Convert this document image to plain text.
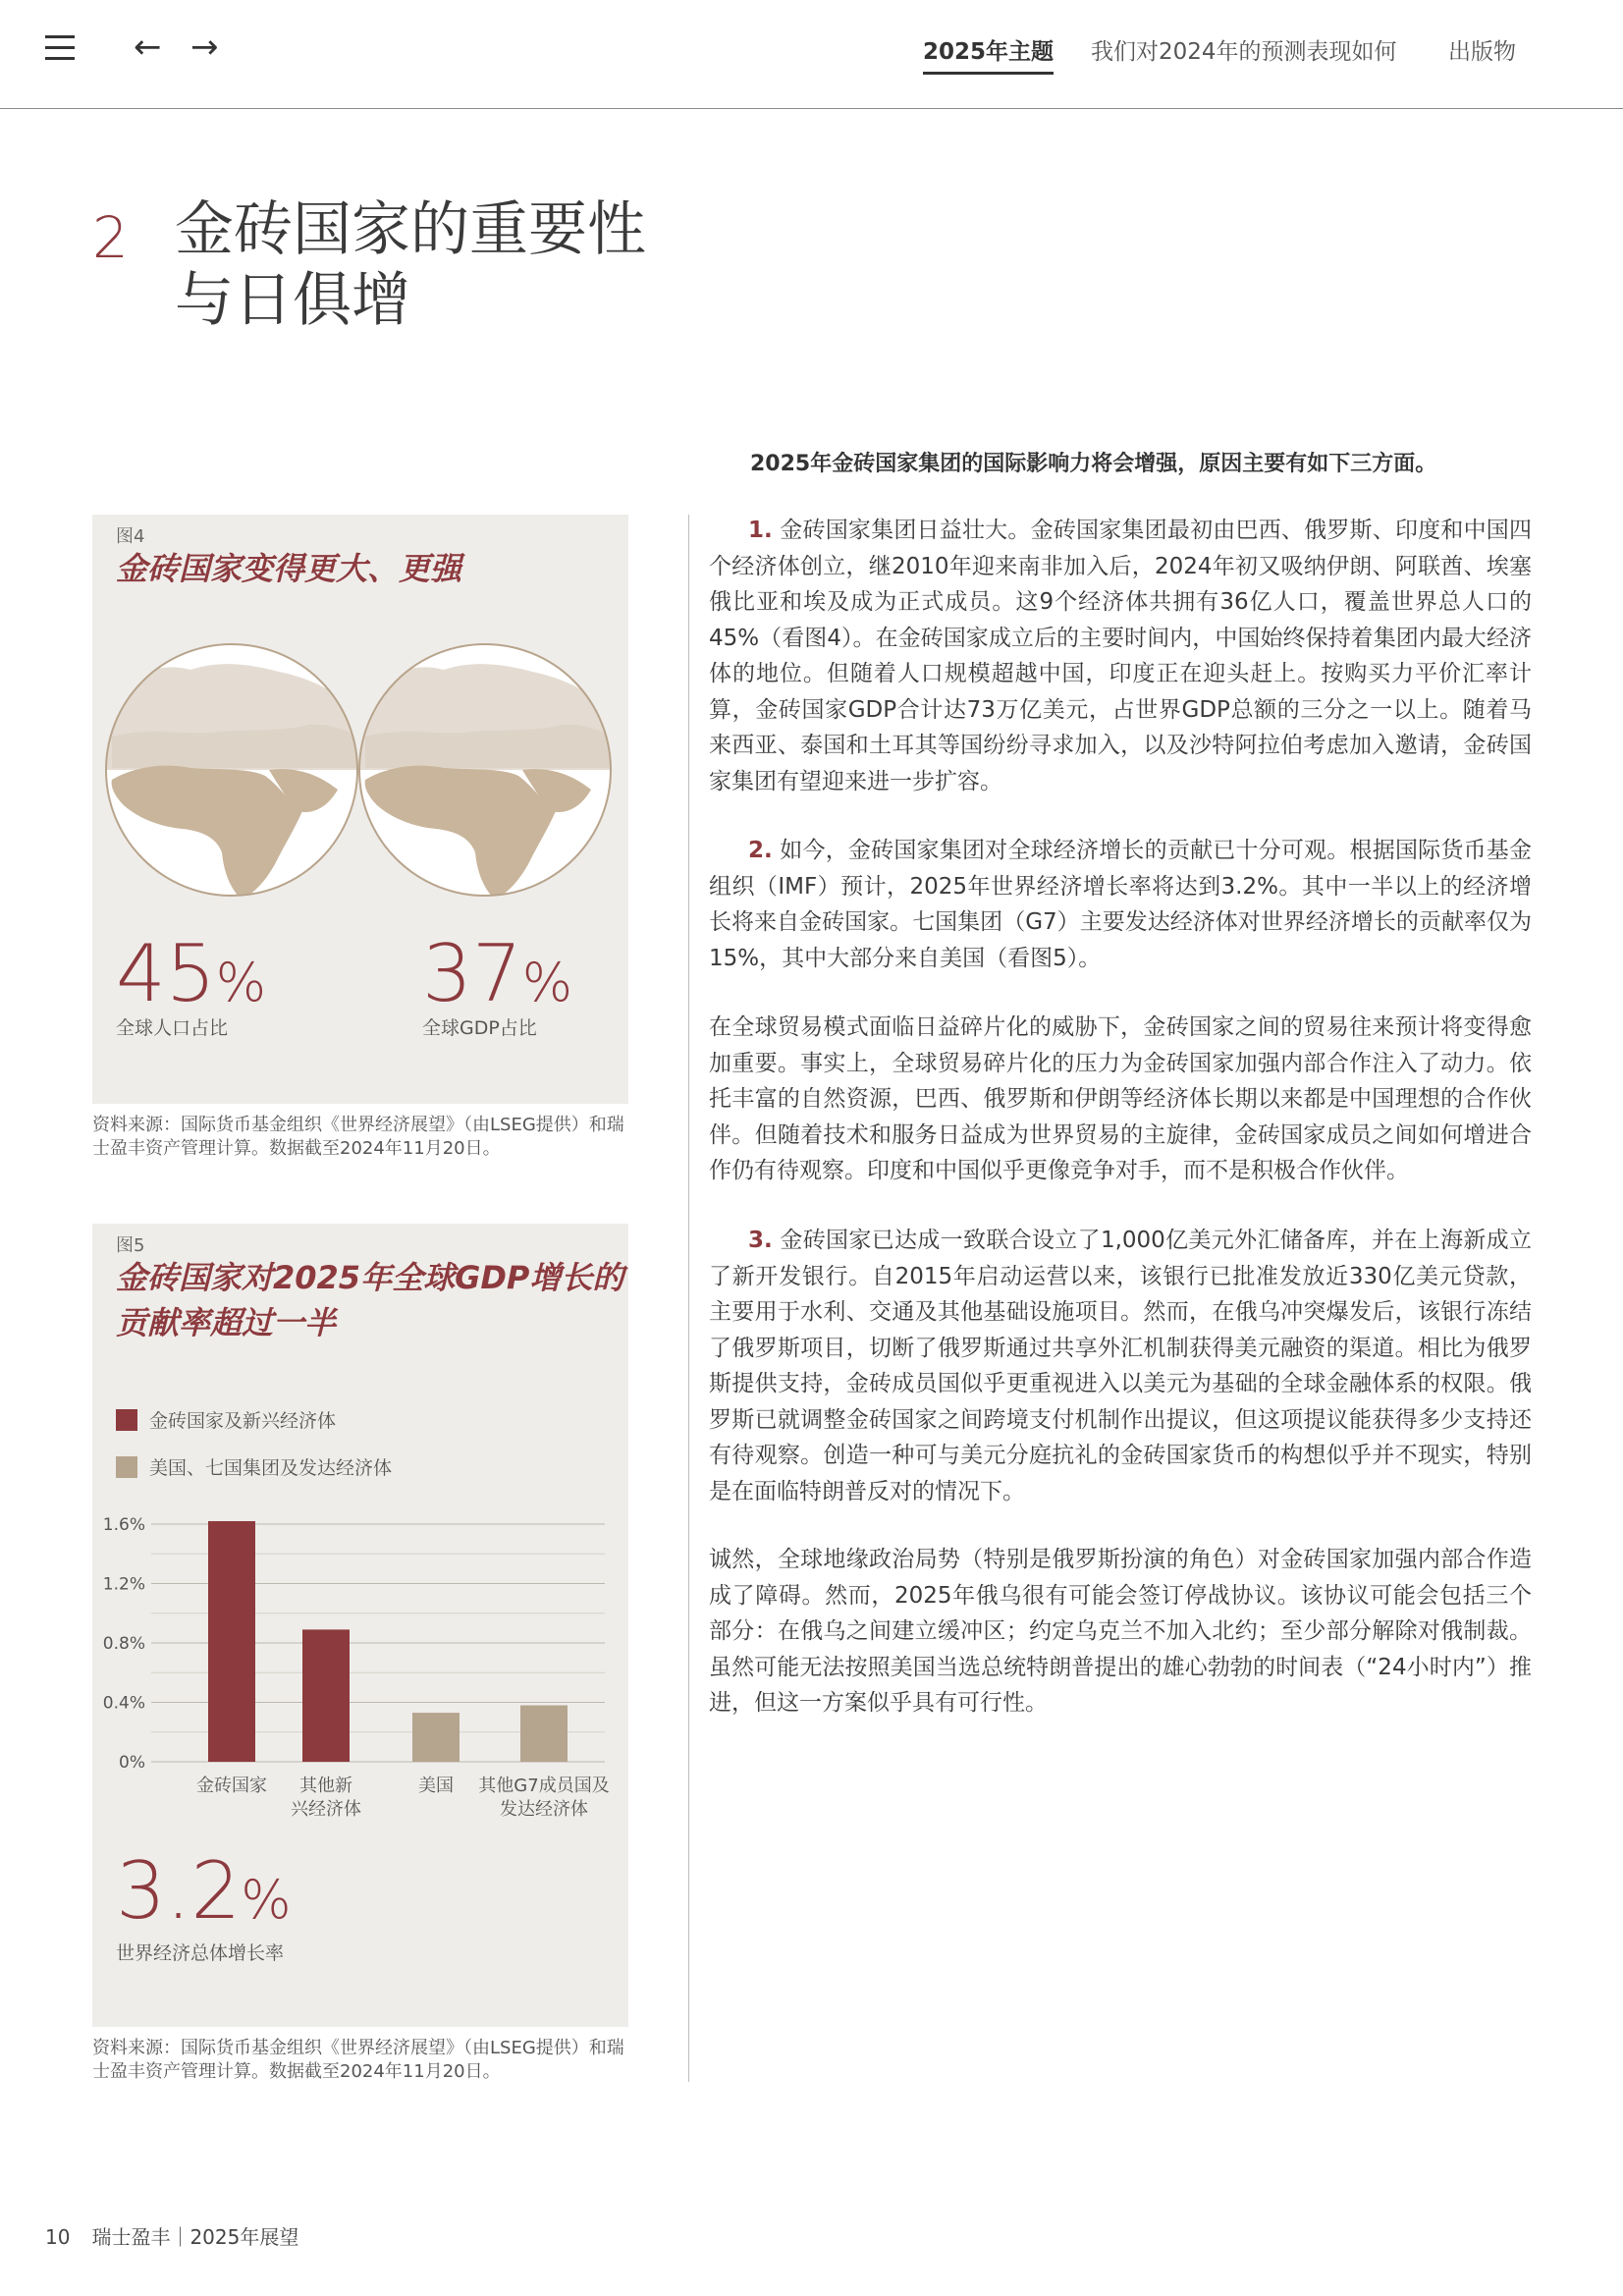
← →	2025年主题 我们对2024年的预测表现如何 出版物
2 金砖国家的重要性
与日俱增
图4
金砖国家变得更大、更强
45%
全球人口占比
37%
全球GDP占比
资料来源：国际货币基金组织《世界经济展望》（由LSEG提供）和瑞
士盈丰资产管理计算。数据截至2024年11月20日。
图5
金砖国家对2025年全球GDP增长的
贡献率超过一半
金砖国家及新兴经济体
美国、七国集团及发达经济体
0%
0.4%
0.8%
1.2%
1.6%
金砖国家 其他新
兴经济体
美国 其他G7成员国及
发达经济体
3.2%
世界经济总体增长率
资料来源：国际货币基金组织《世界经济展望》（由LSEG提供）和瑞
士盈丰资产管理计算。数据截至2024年11月20日。
2025年金砖国家集团的国际影响力将会增强，原因主要有如下三方面。
1. 金砖国家集团日益壮大。金砖国家集团最初由巴西、俄罗斯、印度和中国四个经济体创立，继2010年迎来南非加入后，2024年初又吸纳伊朗、阿联酋、埃塞俄比亚和埃及成为正式成员。这9个经济体共拥有36亿人口，覆盖世界总人口的45%（看图4）。在金砖国家成立后的主要时间内，中国始终保持着集团内最大经济体的地位。但随着人口规模超越中国，印度正在迎头赶上。按购买力平价汇率计算，金砖国家GDP合计达73万亿美元，占世界GDP总额的三分之一以上。随着马来西亚、泰国和土耳其等国纷纷寻求加入，以及沙特阿拉伯考虑加入邀请，金砖国家集团有望迎来进一步扩容。
2. 如今，金砖国家集团对全球经济增长的贡献已十分可观。根据国际货币基金组织（IMF）预计，2025年世界经济增长率将达到3.2%。其中一半以上的经济增长将来自金砖国家。七国集团（G7）主要发达经济体对世界经济增长的贡献率仅为15%，其中大部分来自美国（看图5）。
在全球贸易模式面临日益碎片化的威胁下，金砖国家之间的贸易往来预计将变得愈加重要。事实上，全球贸易碎片化的压力为金砖国家加强内部合作注入了动力。依托丰富的自然资源，巴西、俄罗斯和伊朗等经济体长期以来都是中国理想的合作伙伴。但随着技术和服务日益成为世界贸易的主旋律，金砖国家成员之间如何增进合作仍有待观察。印度和中国似乎更像竞争对手，而不是积极合作伙伴。
3. 金砖国家已达成一致联合设立了1,000亿美元外汇储备库，并在上海新成立了新开发银行。自2015年启动运营以来，该银行已批准发放近330亿美元贷款，主要用于水利、交通及其他基础设施项目。然而，在俄乌冲突爆发后，该银行冻结了俄罗斯项目，切断了俄罗斯通过共享外汇机制获得美元融资的渠道。相比为俄罗斯提供支持，金砖成员国似乎更重视进入以美元为基础的全球金融体系的权限。俄罗斯已就调整金砖国家之间跨境支付机制作出提议，但这项提议能获得多少支持还有待观察。创造一种可与美元分庭抗礼的金砖国家货币的构想似乎并不现实，特别是在面临特朗普反对的情况下。
诚然，全球地缘政治局势（特别是俄罗斯扮演的角色）对金砖国家加强内部合作造成了障碍。然而，2025年俄乌很有可能会签订停战协议。该协议可能会包括三个部分：在俄乌之间建立缓冲区；约定乌克兰不加入北约；至少部分解除对俄制裁。虽然可能无法按照美国当选总统特朗普提出的雄心勃勃的时间表（“24小时内”）推进，但这一方案似乎具有可行性。
10 瑞士盈丰｜2025年展望
